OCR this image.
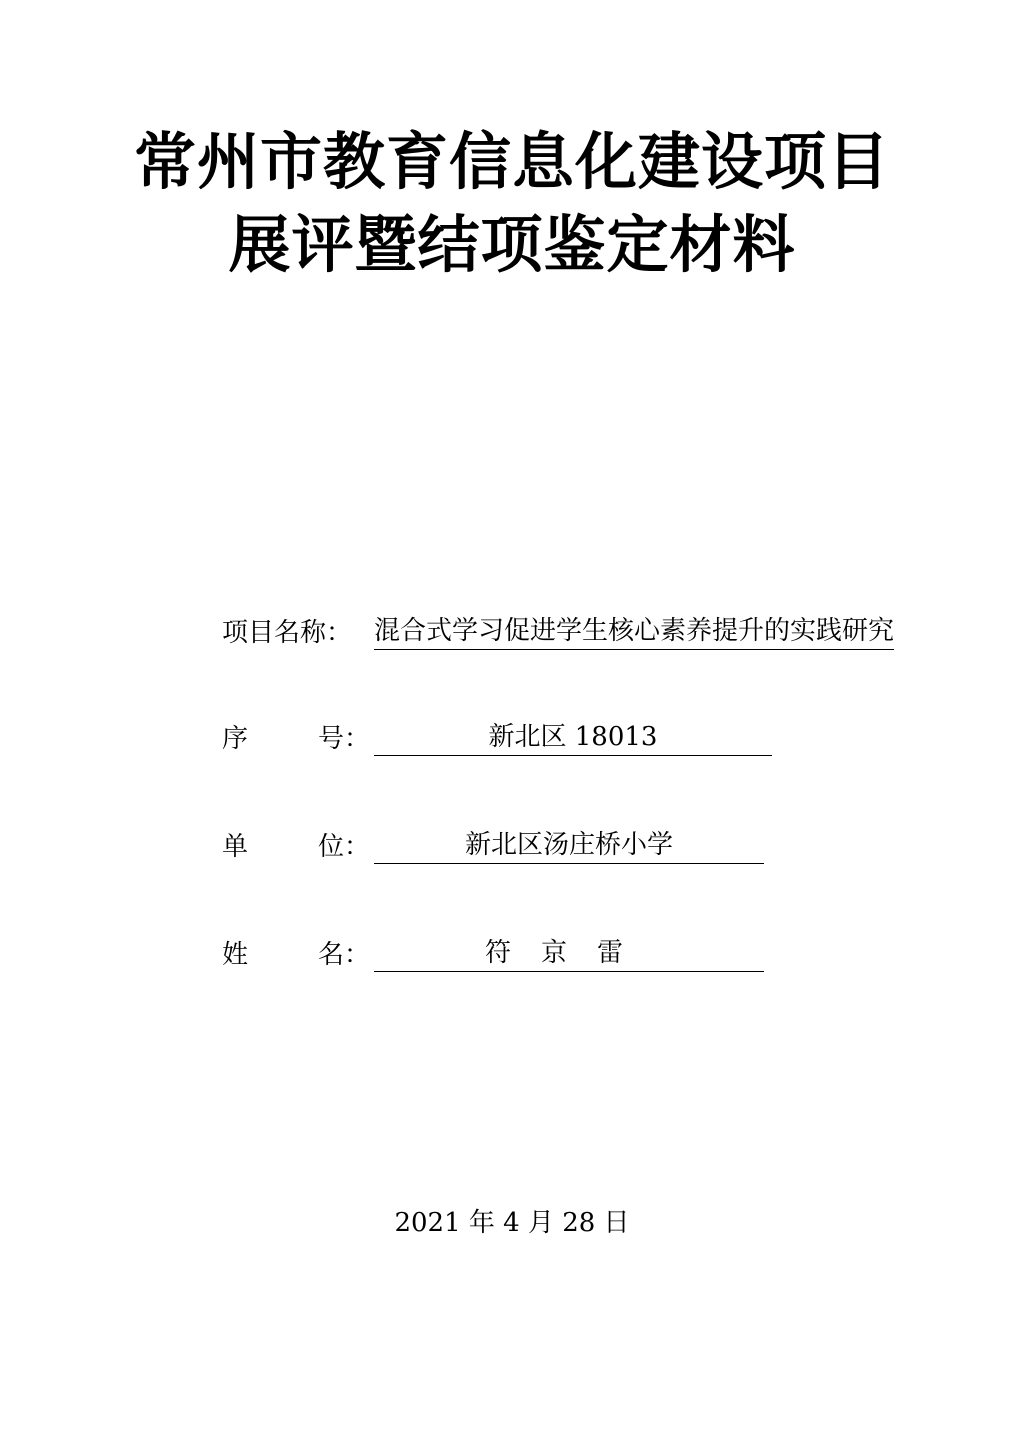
常州市教育信息化建设项目
展评暨结项鉴定材料
项目名称： 混合式学习促进学生核心素养提升的实践研究
序	号：	新北区 18013
单	位：	新北区汤庄桥小学
姓	名：	符京雷
2021 年 4 月 28 日
